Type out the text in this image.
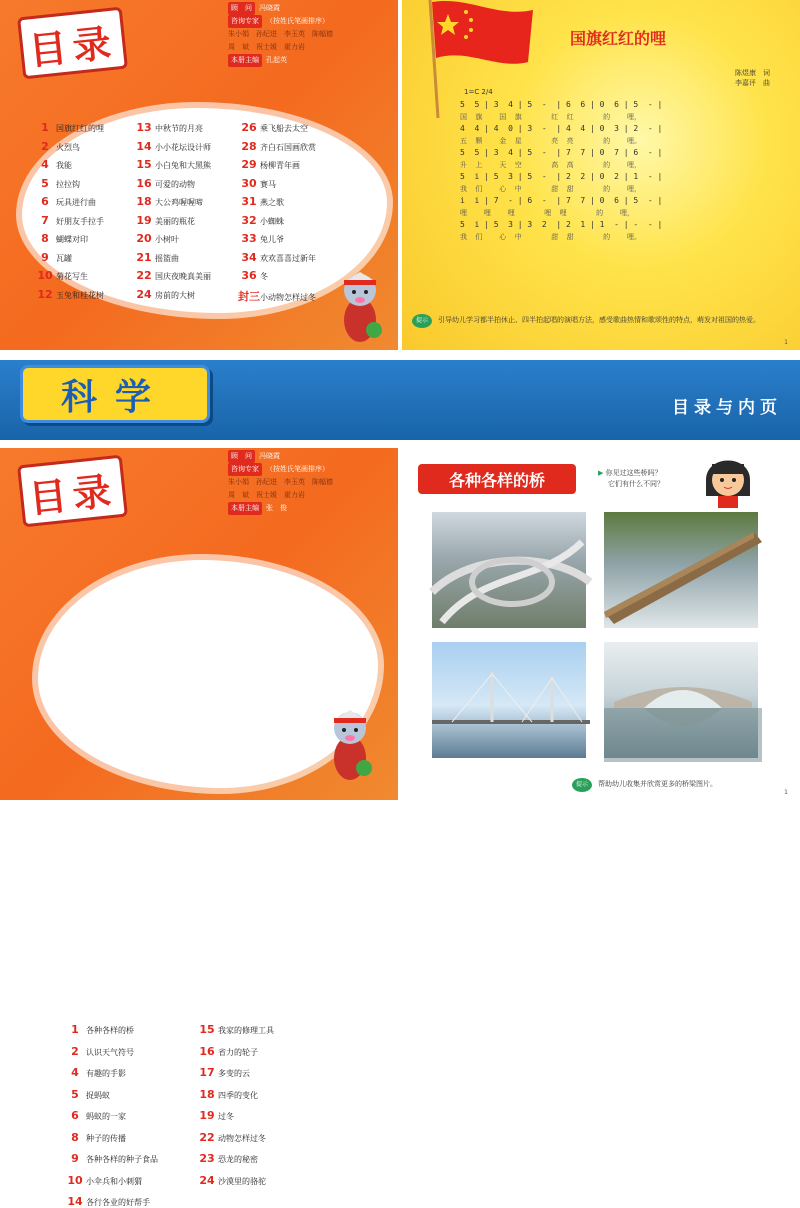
目录
顾　问 冯晓霞
咨询专家 （按姓氏笔画排序）
朱小娟　孙纪进　李玉英　陈幅德
周　斌　祝士媛　霍力岩
本册主编 孔起英
1 国旗红红的哩
2 火烈鸟
4 我能
5 拉拉钩
6 玩具进行曲
7 好朋友手拉手
8 蝴蝶对印
9 瓦罐
10 菊花写生
12 玉兔和桂花树
13 中秋节的月亮
14 小小花坛设计师
15 小白兔和大黑熊
16 可爱的动物
18 大公鸡喔喔啼
19 美丽的瓶花
20 小树叶
21 摇篮曲
22 国庆夜晚真美丽
24 房前的大树
26 乘飞船去太空
28 齐白石国画欣赏
29 杨柳青年画
30 赛马
31 燕之歌
32 小蜘蛛
33 兔儿爷
34 欢欢喜喜过新年
36 冬
封三 小动物怎样过冬
国旗红红的哩
陈煜康　词
李嘉评　曲
1=C 2/4
提示 引导幼儿学习都半拍休止、四半拍起唱的演唱方法，感受歌曲热情和歌颂性的特点，萌发对祖国的热爱。
1
5  5 | 3  4 | 5  -  | 6  6 | 0  6 | 5  - |
国  旗    国  旗       红  红       的    哩，
4  4 | 4  0 | 3  -  | 4  4 | 0  3 | 2  - |
五  颗    金  星       亮  亮       的    哩。
5  5 | 3  4 | 5  -  | 7  7 | 0  7 | 6  - |
升  上    天  空       高  高       的    哩，
5  i | 5  3 | 5  -  | 2  2 | 0  2 | 1  - |
我  们    心  中       甜  甜       的    哩，
i  i | 7  - | 6  -  | 7  7 | 0  6 | 5  - |
哩    哩    哩       哩  哩       的    哩，
5  i | 5  3 | 3  2  | 2  1 | 1  - | -  - |
我  们    心  中       甜  甜       的    哩。
科学	目录与内页
目录
顾　问 冯晓霞
咨询专家 （按姓氏笔画排序）
朱小娟　孙纪进　李玉英　陈幅德
周　斌　祝士媛　霍力岩
本册主编 张　俊
1 各种各样的桥
2 认识天气符号
4 有趣的手影
5 捉蚂蚁
6 蚂蚁的一家
8 种子的传播
9 各种各样的种子食品
10 小伞兵和小刺猬
14 各行各业的好帮手
15 我家的修理工具
16 省力的轮子
17 多变的云
18 四季的变化
19 过冬
22 动物怎样过冬
23 恐龙的秘密
24 沙漠里的骆驼
各种各样的桥	▶ 你见过这些桥吗？
它们有什么不同？
提示 帮助幼儿收集并欣赏更多的桥梁图片。
1
